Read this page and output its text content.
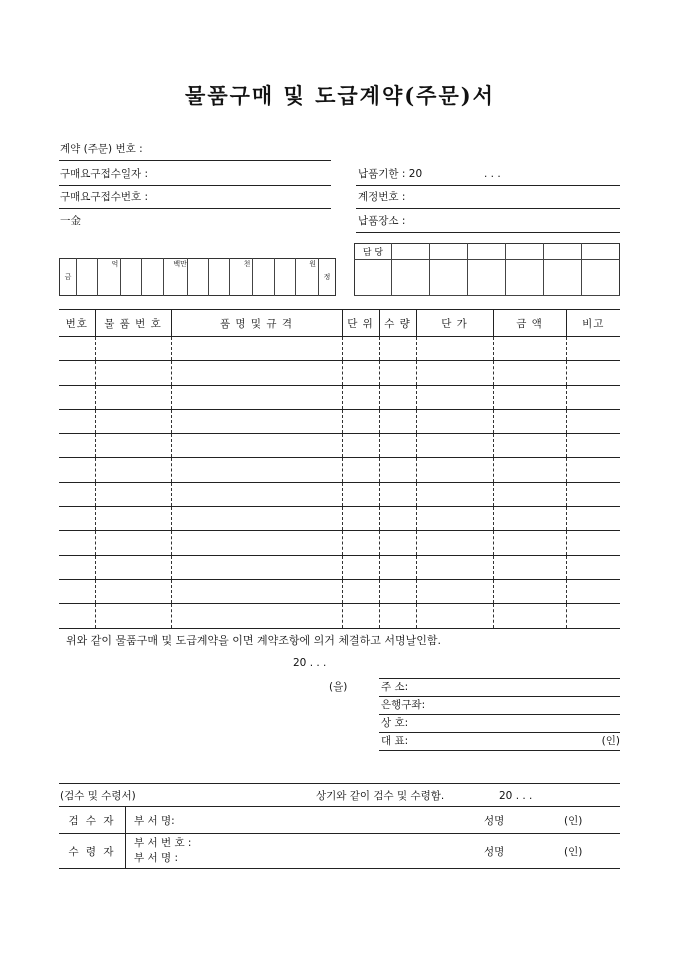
물품구매 및 도급계약(주문)서
계약 (주문) 번호 :
구매요구접수일자 :
구매요구접수번호 :
一金
납품기한 : 20	. . .
계정번호 :
납품장소 :
금		억			백만			천			원	정
담 당						

번호	물 품 번 호	품 명 및 규 격	단 위	수 량	단 가	금 액	비고

위와 같이 물품구매 및 도급계약을 이면 계약조항에 의거 체결하고 서명날인함.
20 . . .
(을)	주 소:
은행구좌:
상 호:
대 표:	(인)
(검수 및 수령서)	상기와 같이 검수 및 수령함.	20 . . .
검 수 자	부 서 명:	성명	(인)
수 령 자	부 서 번 호 :
부 서 명 :	성명	(인)
